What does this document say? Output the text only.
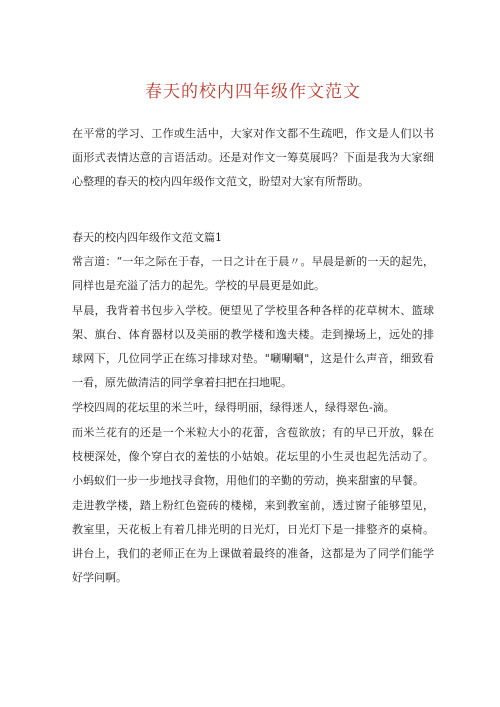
春天的校内四年级作文范文

在平常的学习、工作或生活中，大家对作文都不生疏吧，作文是人们以书面形式表情达意的言语活动。还是对作文一筹莫展吗？下面是我为大家细心整理的春天的校内四年级作文范文，盼望对大家有所帮助。

春天的校内四年级作文范文篇1

常言道：“一年之际在于春，一日之计在于晨〃。早晨是新的一天的起先，同样也是充溢了活力的起先。学校的早晨更是如此。

早晨，我背着书包步入学校。便望见了学校里各种各样的花草树木、篮球架、旗台、体育器材以及美丽的教学楼和逸夫楼。走到操场上，远处的排球网下，几位同学正在练习排球对垫。"唰唰唰"，这是什么声音，细致看一看，原先做清洁的同学拿着扫把在扫地呢。

学校四周的花坛里的米兰叶，绿得明丽，绿得迷人，绿得翠色-滴。

而米兰花有的还是一个米粒大小的花蕾，含苞欲放；有的早已开放，躲在枝梗深处，像个穿白衣的羞怯的小姑娘。花坛里的小生灵也起先活动了。小蚂蚁们一步一步地找寻食物，用他们的辛勤的劳动，换来甜蜜的早餐。

走进教学楼，踏上粉红色瓷砖的楼梯，来到教室前，透过窗子能够望见，教室里，天花板上有着几排光明的日光灯，日光灯下是一排整齐的桌椅。讲台上，我们的老师正在为上课做着最终的准备，这都是为了同学们能学好学问啊。
